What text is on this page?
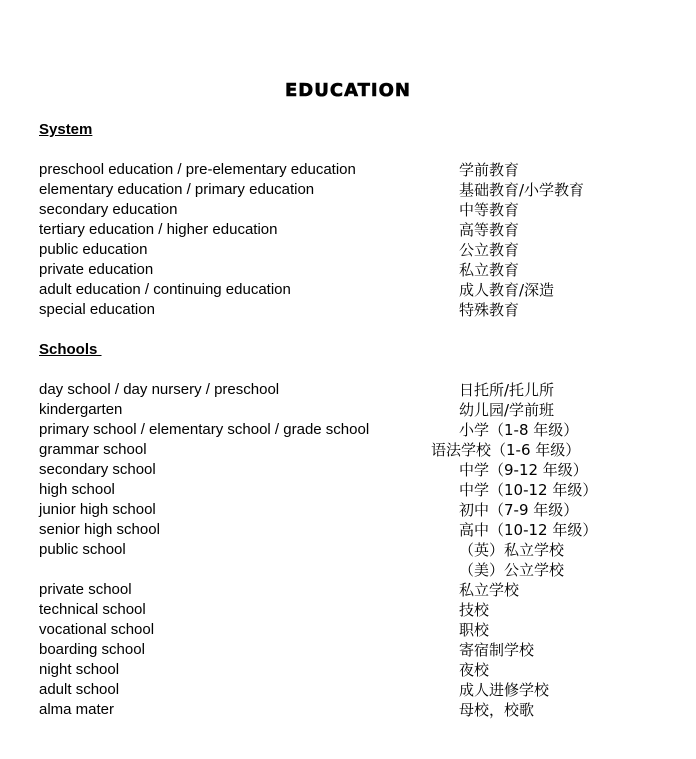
EDUCATION
System
preschool education / pre-elementary education	学前教育
elementary education / primary education	基础教育/小学教育
secondary education	中等教育
tertiary education / higher education	高等教育
public education	公立教育
private education	私立教育
adult education / continuing education	成人教育/深造
special education	特殊教育
Schools
day school / day nursery / preschool	日托所/托儿所
kindergarten	幼儿园/学前班
primary school / elementary school / grade school	小学（1-8 年级）
grammar school	语法学校（1-6 年级）
secondary school	中学（9-12 年级）
high school	中学（10-12 年级）
junior high school	初中（7-9 年级）
senior high school	高中（10-12 年级）
public school	（英）私立学校
（美）公立学校
private school	私立学校
technical school	技校
vocational school	职校
boarding school	寄宿制学校
night school	夜校
adult school	成人进修学校
alma mater	母校，校歌
